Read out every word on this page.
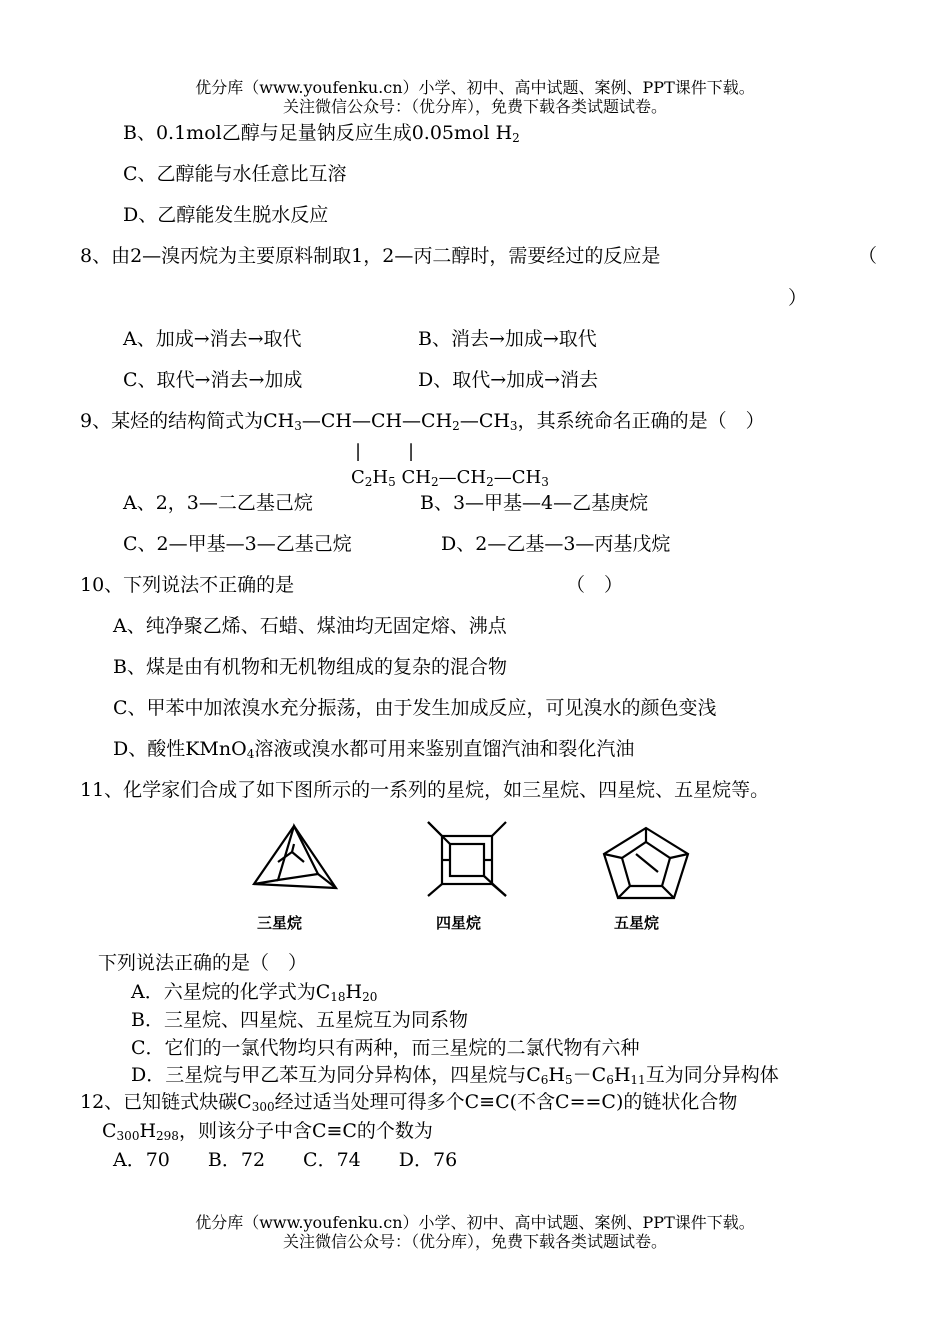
优分库（www.youfenku.cn）小学、初中、高中试题、案例、PPT课件下载。
关注微信公众号：（优分库），免费下载各类试题试卷。
B、0.1mol乙醇与足量钠反应生成0.05mol $H_2$
C、乙醇能与水任意比互溶
D、乙醇能发生脱水反应
8、由2—溴丙烷为主要原料制取1，2—丙二醇时，需要经过的反应是	（
）
A、加成→消去→取代	B、消去→加成→取代
C、取代→消去→加成	D、取代→加成→消去
9、某烃的结构简式为$CH_3—CH—CH—CH_2—CH_3$，其系统命名正确的是（　）
|	|
$C_2H_5$ $CH_2—CH_2—CH_3$
A、2，3—二乙基己烷	B、3—甲基—4—乙基庚烷
C、2—甲基—3—乙基己烷	D、2—乙基—3—丙基戊烷
10、下列说法不正确的是	（　）
A、纯净聚乙烯、石蜡、煤油均无固定熔、沸点
B、煤是由有机物和无机物组成的复杂的混合物
C、甲苯中加浓溴水充分振荡，由于发生加成反应，可见溴水的颜色变浅
D、酸性KMnO$_4$溶液或溴水都可用来鉴别直馏汽油和裂化汽油
11、化学家们合成了如下图所示的一系列的星烷，如三星烷、四星烷、五星烷等。
三星烷	四星烷	五星烷
下列说法正确的是（　）
A．六星烷的化学式为$C_{18}H_{20}$
B．三星烷、四星烷、五星烷互为同系物
C．它们的一氯代物均只有两种，而三星烷的二氯代物有六种
D．三星烷与甲乙苯互为同分异构体，四星烷与$C_6H_5-C_6H_{11}$互为同分异构体
12、已知链式炔碳$C_{300}$经过适当处理可得多个C≡C(不含C==C)的链状化合物
$C_{300}H_{298}$，则该分子中含C≡C的个数为
A．70　　B．72　　C．74　　D．76
优分库（www.youfenku.cn）小学、初中、高中试题、案例、PPT课件下载。
关注微信公众号：（优分库），免费下载各类试题试卷。
